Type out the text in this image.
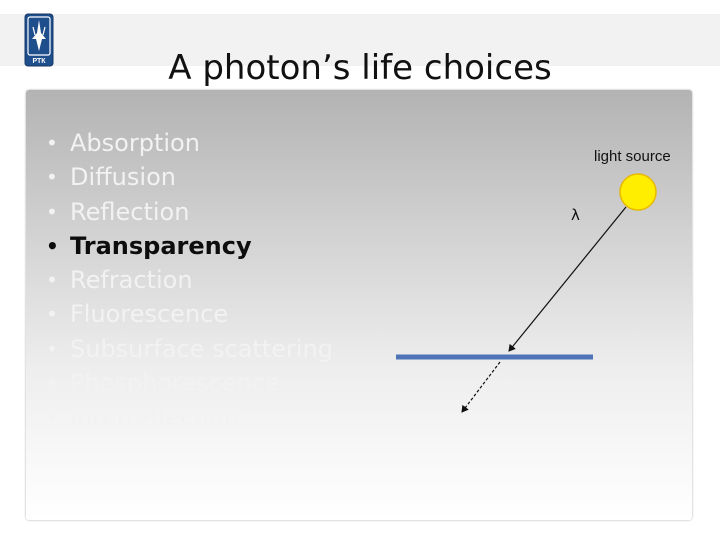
РТК	A photon’s life choices
• Absorption
• Diffusion
• Reflection
• Transparency
• Refraction
• Fluorescence
• Subsurface scattering
• Phosphorescence
• Interreflection
light source
λ
